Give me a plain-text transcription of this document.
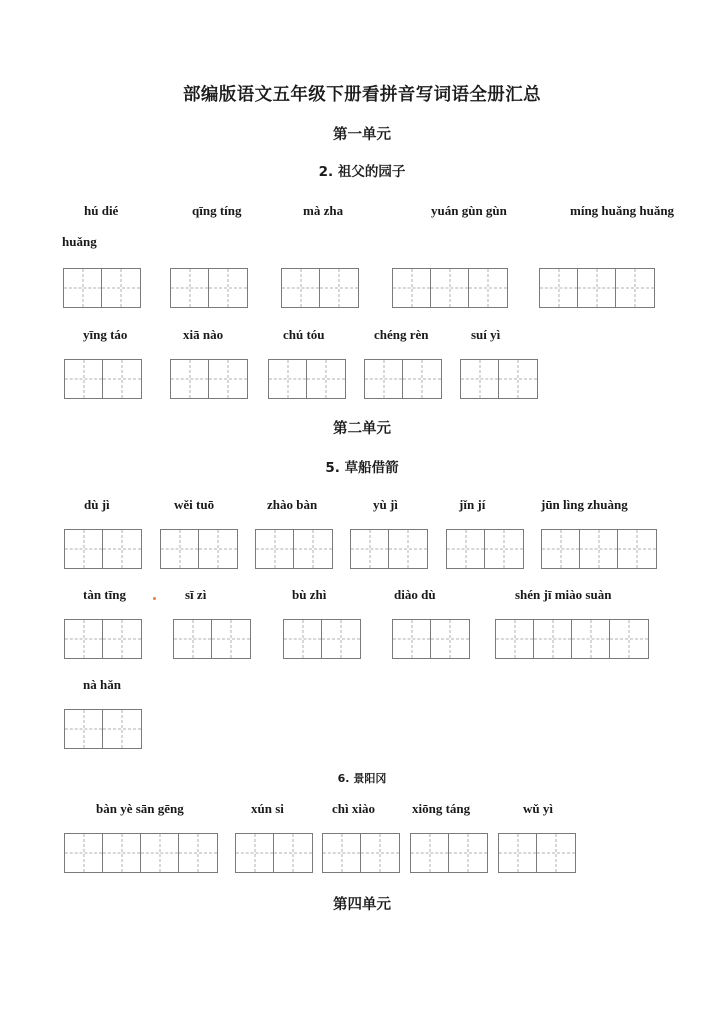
部编版语文五年级下册看拼音写词语全册汇总
第一单元
2. 祖父的园子
hú dié	qīng tíng	mà zha	yuán gùn gùn	míng huǎng huǎng
huǎng
yīng táo	xiā nào	chú tóu	chéng rèn	suí yì
第二单元
5. 草船借箭
dù jì	wěi tuō	zhào bàn	yù jì	jǐn jí	jūn lìng zhuàng
tàn tīng	sī zì	bù zhì	diào dù	shén jī miào suàn
nà hǎn
6. 景阳冈
bàn yè sān gēng	xún si	chì xiào	xiōng táng	wǔ yì
第四单元
